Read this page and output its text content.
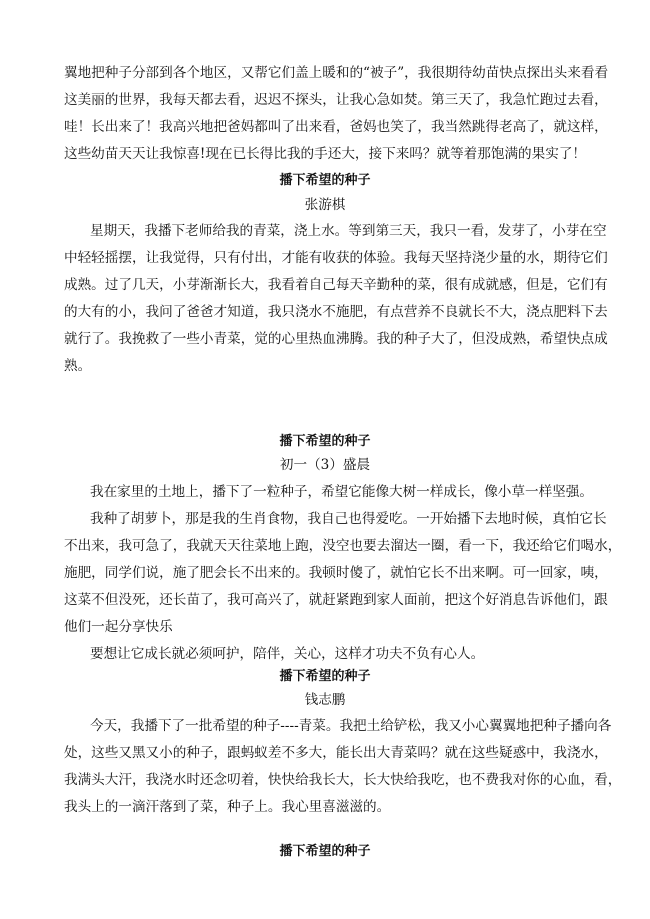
翼地把种子分部到各个地区，又帮它们盖上暖和的“被子”，我很期待幼苗快点探出头来看看
这美丽的世界，我每天都去看，迟迟不探头，让我心急如焚。第三天了，我急忙跑过去看，
哇！长出来了！我高兴地把爸妈都叫了出来看，爸妈也笑了，我当然跳得老高了，就这样，
这些幼苗天天让我惊喜!现在已长得比我的手还大，接下来吗？就等着那饱满的果实了！
播下希望的种子
张游棋
星期天，我播下老师给我的青菜，浇上水。等到第三天，我只一看，发芽了，小芽在空
中轻轻摇摆，让我觉得，只有付出，才能有收获的体验。我每天坚持浇少量的水，期待它们
成熟。过了几天，小芽渐渐长大，我看着自己每天辛勤种的菜，很有成就感，但是，它们有
的大有的小，我问了爸爸才知道，我只浇水不施肥，有点营养不良就长不大，浇点肥料下去
就行了。我挽救了一些小青菜，觉的心里热血沸腾。我的种子大了，但没成熟，希望快点成
熟。
播下希望的种子
初一（3）盛晨
我在家里的土地上，播下了一粒种子，希望它能像大树一样成长，像小草一样坚强。
我种了胡萝卜，那是我的生肖食物，我自己也得爱吃。一开始播下去地时候，真怕它长
不出来，我可急了，我就天天往菜地上跑，没空也要去溜达一圈，看一下，我还给它们喝水，
施肥，同学们说，施了肥会长不出来的。我顿时傻了，就怕它长不出来啊。可一回家，咦，
这菜不但没死，还长苗了，我可高兴了，就赶紧跑到家人面前，把这个好消息告诉他们，跟
他们一起分享快乐
要想让它成长就必须呵护，陪伴，关心，这样才功夫不负有心人。
播下希望的种子
钱志鹏
今天，我播下了一批希望的种子----青菜。我把土给铲松，我又小心翼翼地把种子播向各
处，这些又黑又小的种子，跟蚂蚁差不多大，能长出大青菜吗？就在这些疑惑中，我浇水，
我满头大汗，我浇水时还念叨着，快快给我长大，长大快给我吃，也不费我对你的心血，看，
我头上的一滴汗落到了菜，种子上。我心里喜滋滋的。
播下希望的种子
